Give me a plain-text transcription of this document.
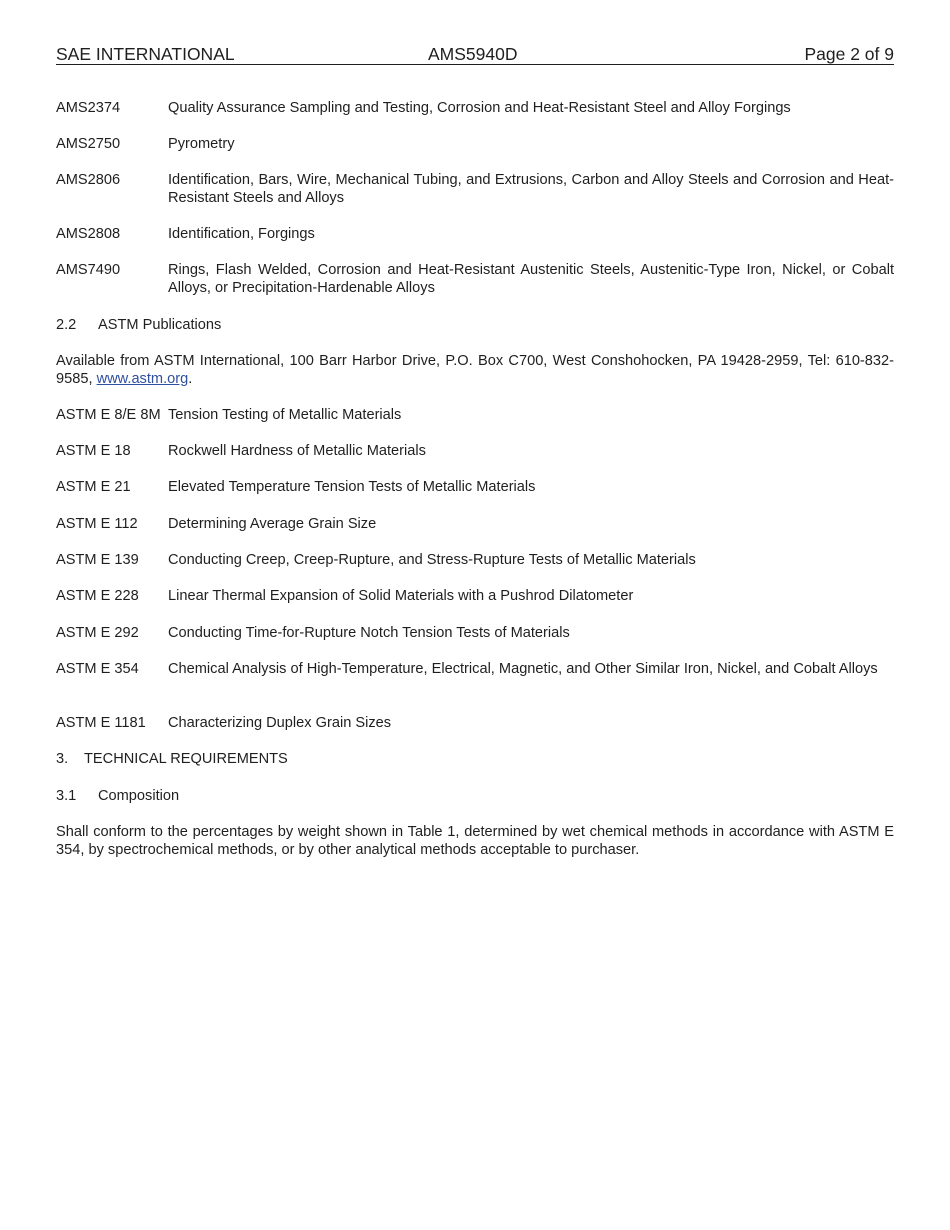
SAE INTERNATIONAL	AMS5940D	Page 2 of 9
AMS2374	Quality Assurance Sampling and Testing, Corrosion and Heat-Resistant Steel and Alloy Forgings
AMS2750	Pyrometry
AMS2806	Identification, Bars, Wire, Mechanical Tubing, and Extrusions, Carbon and Alloy Steels and Corrosion and Heat-Resistant Steels and Alloys
AMS2808	Identification, Forgings
AMS7490	Rings, Flash Welded, Corrosion and Heat-Resistant Austenitic Steels, Austenitic-Type Iron, Nickel, or Cobalt Alloys, or Precipitation-Hardenable Alloys
2.2 ASTM Publications
Available from ASTM International, 100 Barr Harbor Drive, P.O. Box C700, West Conshohocken, PA 19428-2959, Tel: 610-832-9585, www.astm.org.
ASTM E 8/E 8M Tension Testing of Metallic Materials
ASTM E 18	Rockwell Hardness of Metallic Materials
ASTM E 21	Elevated Temperature Tension Tests of Metallic Materials
ASTM E 112 Determining Average Grain Size
ASTM E 139 Conducting Creep, Creep-Rupture, and Stress-Rupture Tests of Metallic Materials
ASTM E 228 Linear Thermal Expansion of Solid Materials with a Pushrod Dilatometer
ASTM E 292 Conducting Time-for-Rupture Notch Tension Tests of Materials
ASTM E 354 Chemical Analysis of High-Temperature, Electrical, Magnetic, and Other Similar Iron, Nickel, and Cobalt Alloys
ASTM E 1181 Characterizing Duplex Grain Sizes
3. TECHNICAL REQUIREMENTS
3.1 Composition
Shall conform to the percentages by weight shown in Table 1, determined by wet chemical methods in accordance with ASTM E 354, by spectrochemical methods, or by other analytical methods acceptable to purchaser.
